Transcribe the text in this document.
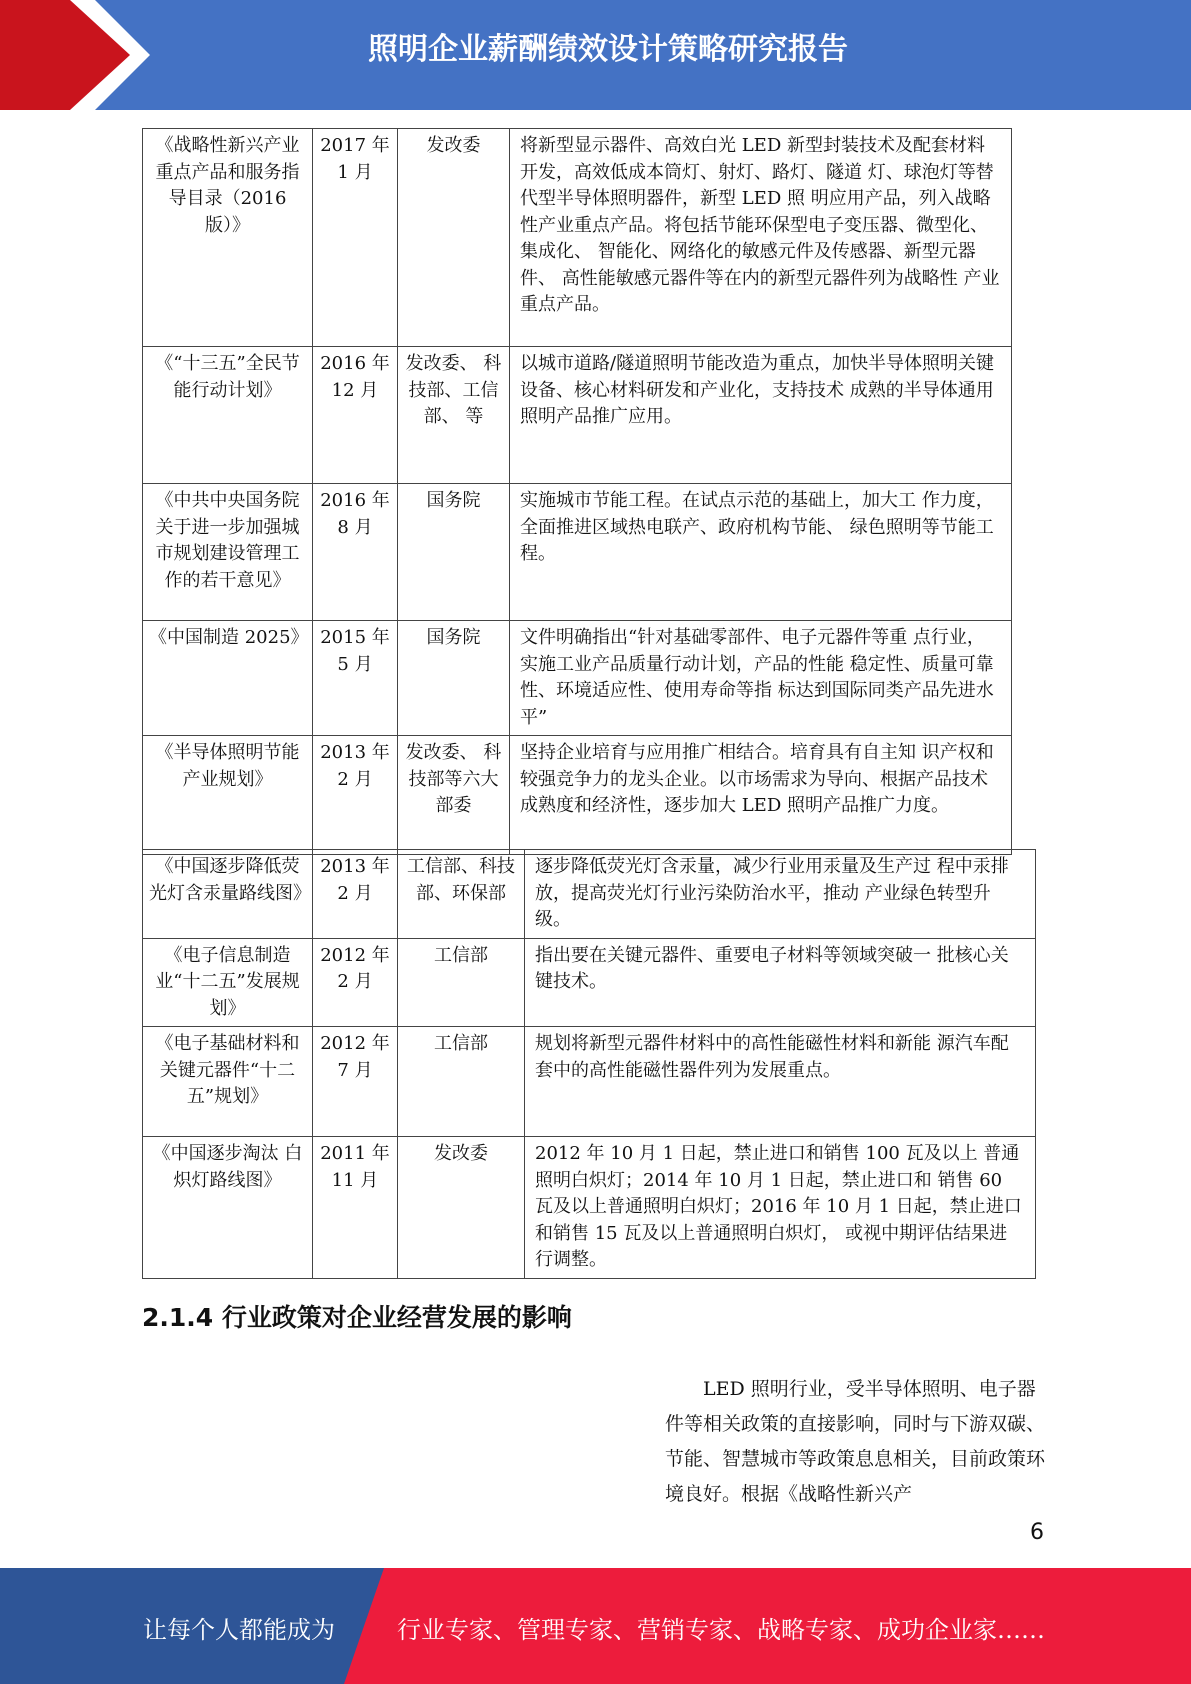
照明企业薪酬绩效设计策略研究报告
《战略性新兴产业重点产品和服务指导目录（2016 版）》	2017 年 1 月	发改委	将新型显示器件、高效白光 LED 新型封装技术及配套材料开发，高效低成本筒灯、射灯、路灯、隧道 灯、球泡灯等替代型半导体照明器件，新型 LED 照 明应用产品，列入战略性产业重点产品。将包括节能环保型电子变压器、微型化、集成化、 智能化、网络化的敏感元件及传感器、新型元器件、 高性能敏感元器件等在内的新型元器件列为战略性 产业重点产品。
《“十三五”全民节能行动计划》	2016 年 12 月	发改委、 科技部、工信部、 等	以城市道路/隧道照明节能改造为重点，加快半导体照明关键设备、核心材料研发和产业化，支持技术 成熟的半导体通用照明产品推广应用。
《中共中央国务院关于进一步加强城市规划建设管理工作的若干意见》	2016 年 8 月	国务院	实施城市节能工程。在试点示范的基础上，加大工 作力度，全面推进区域热电联产、政府机构节能、 绿色照明等节能工程。
《中国制造 2025》	2015 年 5 月	国务院	文件明确指出“针对基础零部件、电子元器件等重 点行业，实施工业产品质量行动计划，产品的性能 稳定性、质量可靠性、环境适应性、使用寿命等指 标达到国际同类产品先进水平”
《半导体照明节能产业规划》	2013 年 2 月	发改委、 科技部等六大部委	坚持企业培育与应用推广相结合。培育具有自主知 识产权和较强竞争力的龙头企业。以市场需求为导向、根据产品技术成熟度和经济性，逐步加大 LED 照明产品推广力度。
《中国逐步降低荧光灯含汞量路线图》	2013 年 2 月	工信部、科技部、环保部	逐步降低荧光灯含汞量，减少行业用汞量及生产过 程中汞排放，提高荧光灯行业污染防治水平，推动 产业绿色转型升级。
《电子信息制造业“十二五”发展规划》	2012 年 2 月	工信部	指出要在关键元器件、重要电子材料等领域突破一 批核心关键技术。
《电子基础材料和关键元器件“十二五”规划》	2012 年 7 月	工信部	规划将新型元器件材料中的高性能磁性材料和新能 源汽车配套中的高性能磁性器件列为发展重点。
《中国逐步淘汰 白炽灯路线图》	2011 年 11 月	发改委	2012 年 10 月 1 日起，禁止进口和销售 100 瓦及以上 普通照明白炽灯；2014 年 10 月 1 日起，禁止进口和 销售 60 瓦及以上普通照明白炽灯；2016 年 10 月 1 日起，禁止进口和销售 15 瓦及以上普通照明白炽灯， 或视中期评估结果进行调整。
2.1.4 行业政策对企业经营发展的影响

LED 照明行业，受半导体照明、电子器件等相关政策的直接影响，同时与下游双碳、节能、智慧城市等政策息息相关，目前政策环境良好。根据《战略性新兴产

6
让每个人都能成为	行业专家、管理专家、营销专家、战略专家、成功企业家……
